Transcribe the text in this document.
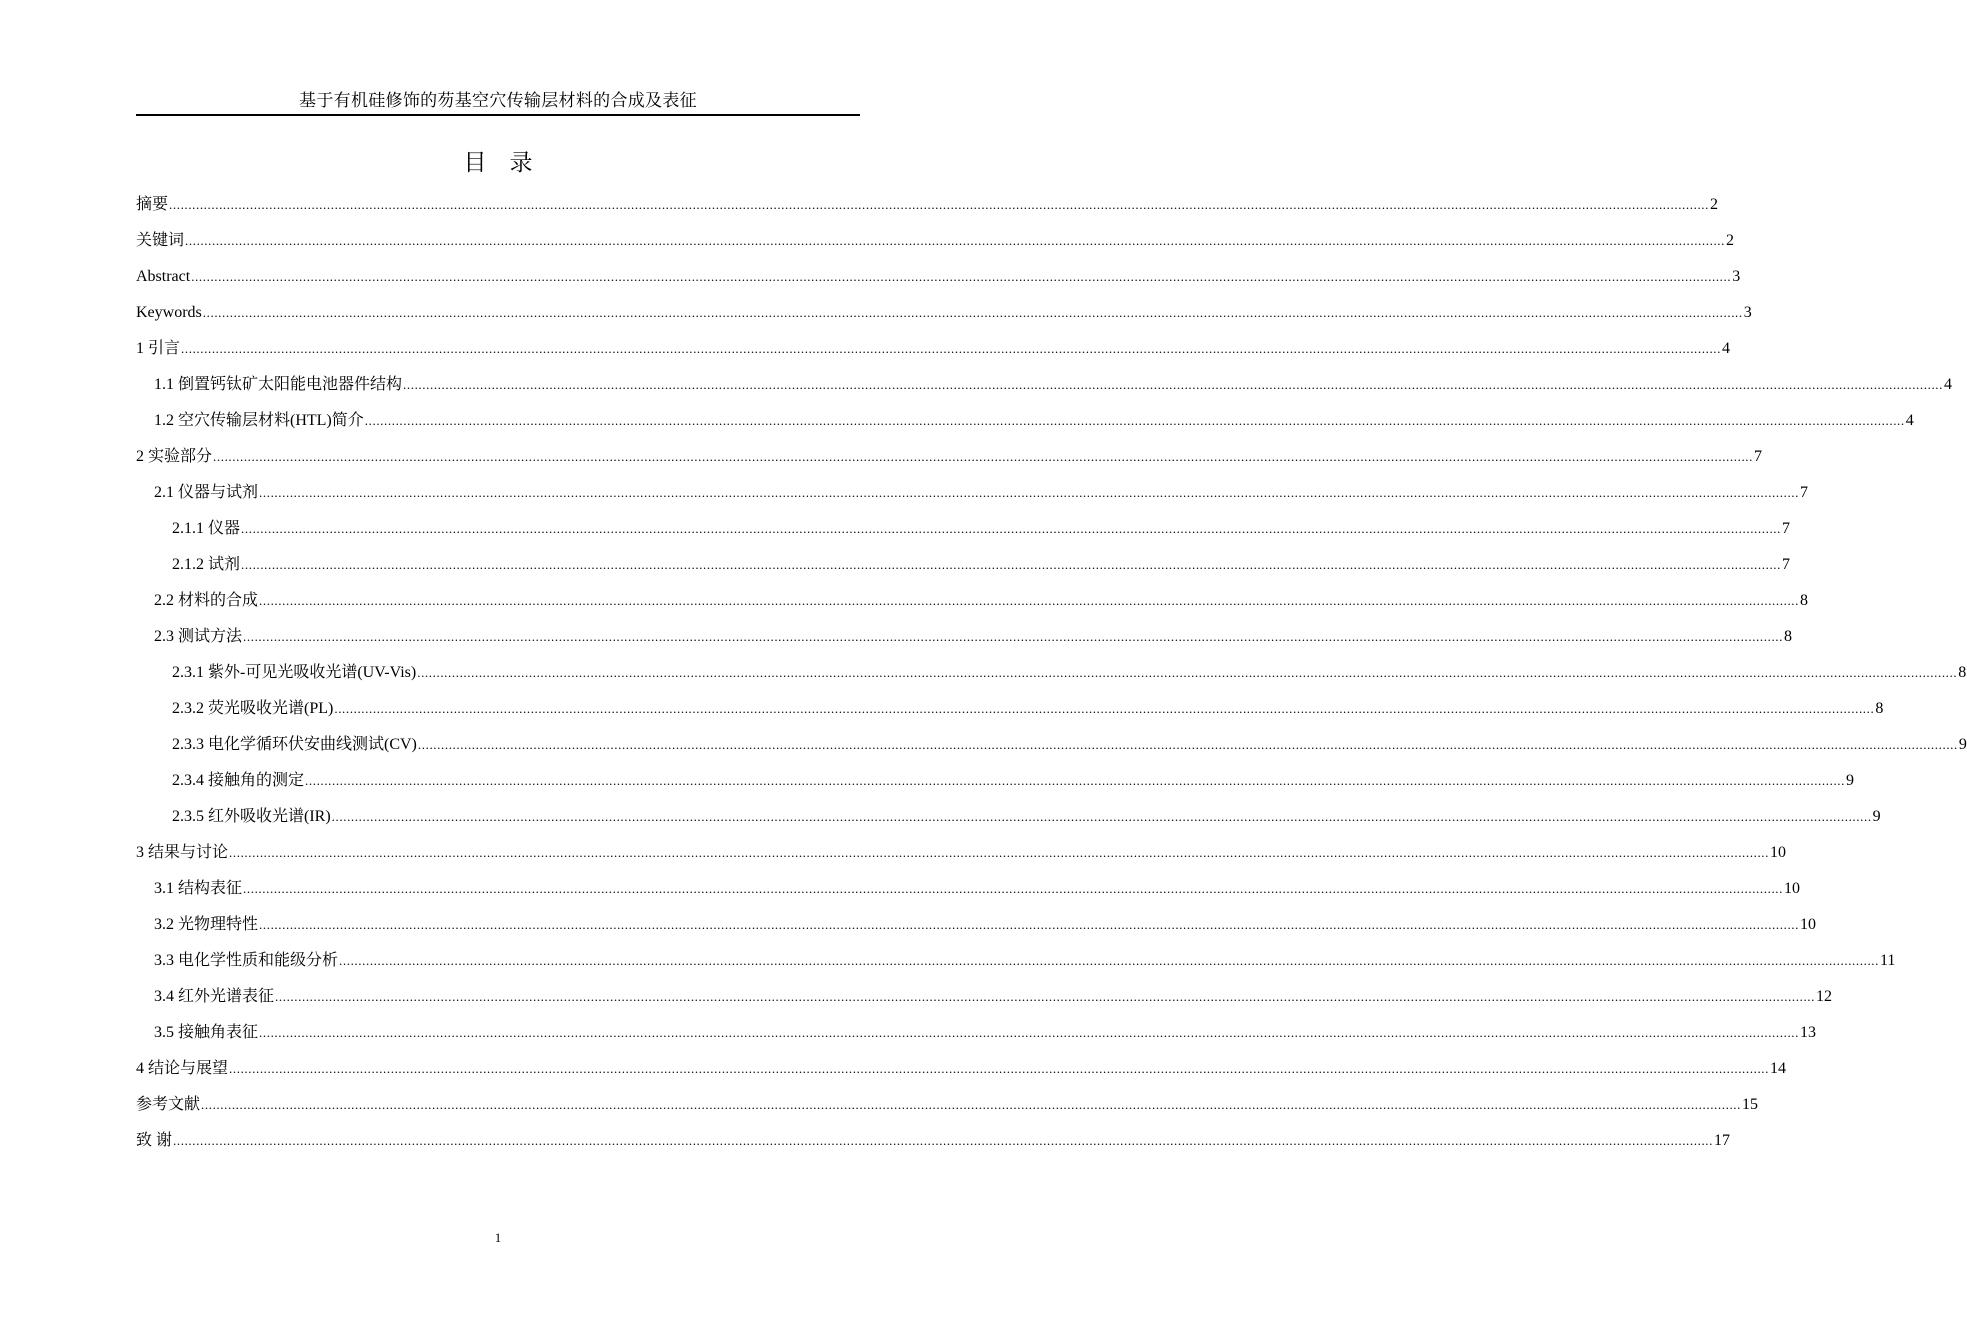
基于有机硅修饰的芴基空穴传输层材料的合成及表征
目　录
摘要 ................................................................................................................................................................................................................................................................................................................................................................................................................ 2
关键词 ................................................................................................................................................................................................................................................................................................................................................................................................................ 2
Abstract ................................................................................................................................................................................................................................................................................................................................................................................................................ 3
Keywords ................................................................................................................................................................................................................................................................................................................................................................................................................ 3
1 引言 ................................................................................................................................................................................................................................................................................................................................................................................................................ 4
1.1 倒置钙钛矿太阳能电池器件结构 ................................................................................................................................................................................................................................................................................................................................................................................................................ 4
1.2 空穴传输层材料(HTL)简介 ................................................................................................................................................................................................................................................................................................................................................................................................................ 4
2 实验部分 ................................................................................................................................................................................................................................................................................................................................................................................................................ 7
2.1 仪器与试剂 ................................................................................................................................................................................................................................................................................................................................................................................................................ 7
2.1.1 仪器 ................................................................................................................................................................................................................................................................................................................................................................................................................ 7
2.1.2 试剂 ................................................................................................................................................................................................................................................................................................................................................................................................................ 7
2.2 材料的合成 ................................................................................................................................................................................................................................................................................................................................................................................................................ 8
2.3 测试方法 ................................................................................................................................................................................................................................................................................................................................................................................................................ 8
2.3.1 紫外-可见光吸收光谱(UV-Vis) ................................................................................................................................................................................................................................................................................................................................................................................................................ 8
2.3.2 荧光吸收光谱(PL) ................................................................................................................................................................................................................................................................................................................................................................................................................ 8
2.3.3 电化学循环伏安曲线测试(CV) ................................................................................................................................................................................................................................................................................................................................................................................................................ 9
2.3.4 接触角的测定 ................................................................................................................................................................................................................................................................................................................................................................................................................ 9
2.3.5 红外吸收光谱(IR) ................................................................................................................................................................................................................................................................................................................................................................................................................ 9
3 结果与讨论 ................................................................................................................................................................................................................................................................................................................................................................................................................ 10
3.1 结构表征 ................................................................................................................................................................................................................................................................................................................................................................................................................ 10
3.2 光物理特性 ................................................................................................................................................................................................................................................................................................................................................................................................................ 10
3.3 电化学性质和能级分析 ................................................................................................................................................................................................................................................................................................................................................................................................................ 11
3.4 红外光谱表征 ................................................................................................................................................................................................................................................................................................................................................................................................................ 12
3.5 接触角表征 ................................................................................................................................................................................................................................................................................................................................................................................................................ 13
4 结论与展望 ................................................................................................................................................................................................................................................................................................................................................................................................................ 14
参考文献 ................................................................................................................................................................................................................................................................................................................................................................................................................ 15
致 谢 ................................................................................................................................................................................................................................................................................................................................................................................................................ 17
1
